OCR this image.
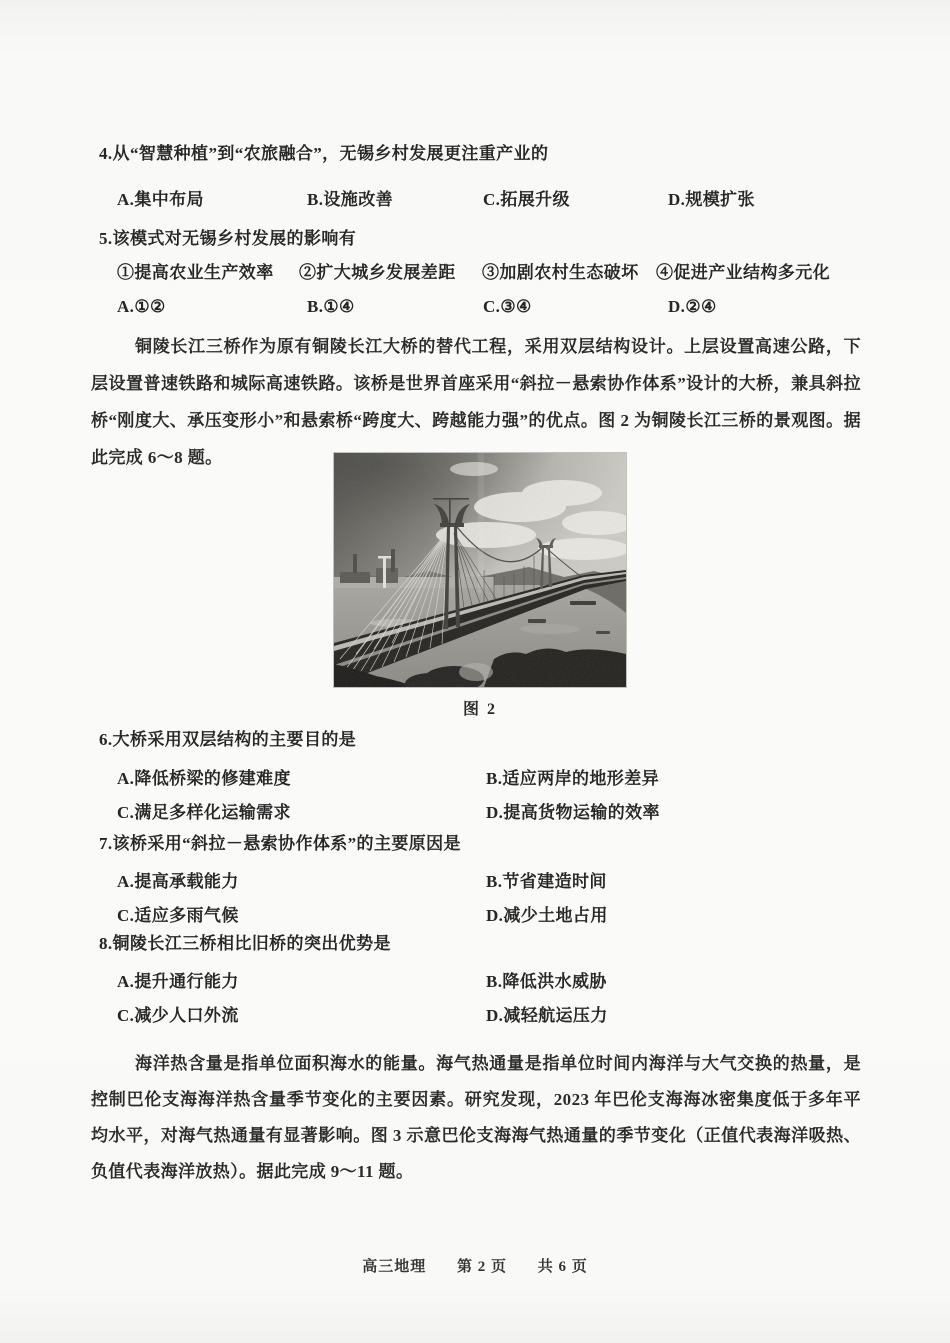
4.从“智慧种植”到“农旅融合”，无锡乡村发展更注重产业的
A.集中布局	B.设施改善	C.拓展升级	D.规模扩张
5.该模式对无锡乡村发展的影响有
①提高农业生产效率	②扩大城乡发展差距	③加剧农村生态破坏	④促进产业结构多元化
A.①②	B.①④	C.③④	D.②④

铜陵长江三桥作为原有铜陵长江大桥的替代工程，采用双层结构设计。上层设置高速公路，下层设置普速铁路和城际高速铁路。该桥是世界首座采用“斜拉－悬索协作体系”设计的大桥，兼具斜拉桥“刚度大、承压变形小”和悬索桥“跨度大、跨越能力强”的优点。图 2 为铜陵长江三桥的景观图。据此完成 6～8 题。

图 2
6.大桥采用双层结构的主要目的是
A.降低桥梁的修建难度	B.适应两岸的地形差异
C.满足多样化运输需求	D.提高货物运输的效率
7.该桥采用“斜拉－悬索协作体系”的主要原因是
A.提高承载能力	B.节省建造时间
C.适应多雨气候	D.减少土地占用
8.铜陵长江三桥相比旧桥的突出优势是
A.提升通行能力	B.降低洪水威胁
C.减少人口外流	D.减轻航运压力

海洋热含量是指单位面积海水的能量。海气热通量是指单位时间内海洋与大气交换的热量，是控制巴伦支海海洋热含量季节变化的主要因素。研究发现，2023 年巴伦支海海冰密集度低于多年平均水平，对海气热通量有显著影响。图 3 示意巴伦支海海气热通量的季节变化（正值代表海洋吸热、负值代表海洋放热）。据此完成 9～11 题。

高三地理 第 2 页 共 6 页
